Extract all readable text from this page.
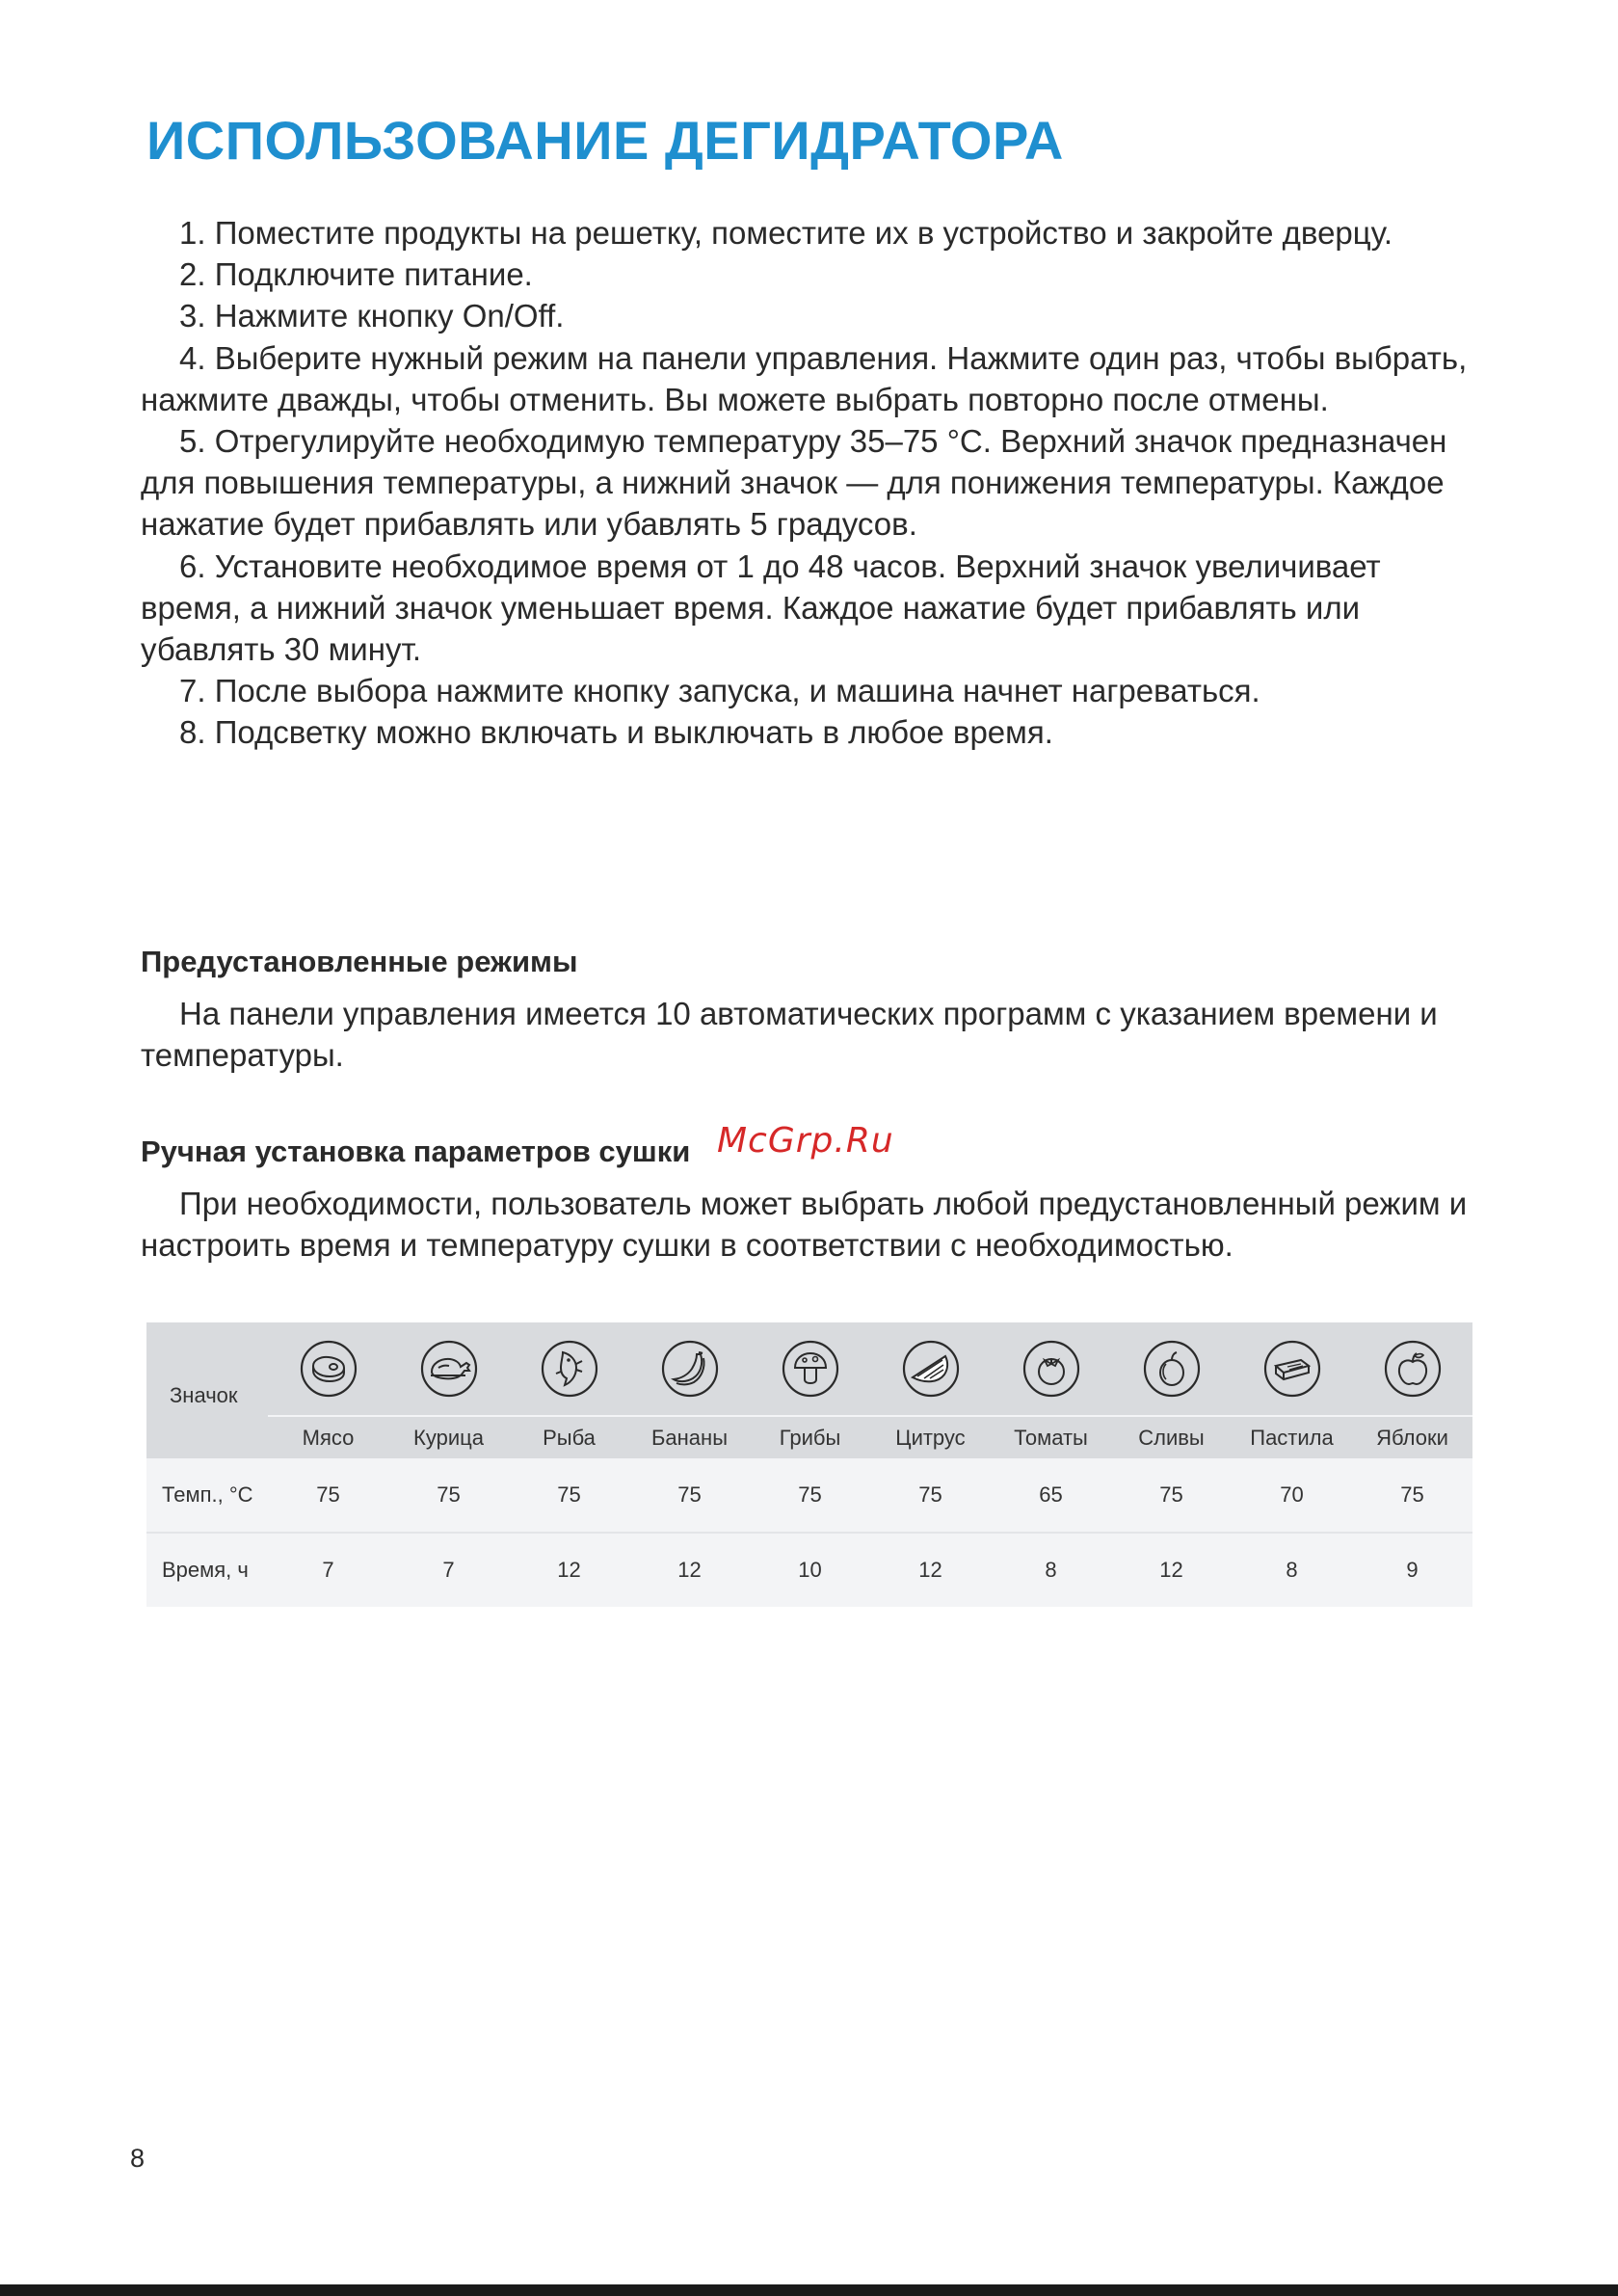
ИСПОЛЬЗОВАНИЕ ДЕГИДРАТОРА

1. Поместите продукты на решетку, поместите их в устройство и закройте дверцу.

2. Подключите питание.

3. Нажмите кнопку On/Off.

4. Выберите нужный режим на панели управления. Нажмите один раз, чтобы выбрать, нажмите дважды, чтобы отменить. Вы можете выбрать повторно после отмены.

5. Отрегулируйте необходимую температуру 35–75 °C. Верхний значок предназначен для повышения температуры, а нижний значок — для понижения температуры. Каждое нажатие будет прибавлять или убавлять 5 градусов.

6. Установите необходимое время от 1 до 48 часов. Верхний значок увеличивает время, а нижний значок уменьшает время. Каждое нажатие будет прибавлять или убавлять 30 минут.

7. После выбора нажмите кнопку запуска, и машина начнет нагреваться.

8. Подсветку можно включать и выключать в любое время.

Предустановленные режимы

На панели управления имеется 10 автоматических программ с указанием времени и температуры.

Ручная установка параметров сушки

При необходимости, пользователь может выбрать любой предустановленный режим и настроить время и температуру сушки в соответствии с необходимостью.

McGrp.Ru
Значок	

	Мясо	Курица	Рыба	Бананы	Грибы	Цитрус	Томаты	Сливы	Пастила	Яблоки
Темп., °C	75	75	75	75	75	75	65	75	70	75
Время, ч	7	7	12	12	10	12	8	12	8	9
8
